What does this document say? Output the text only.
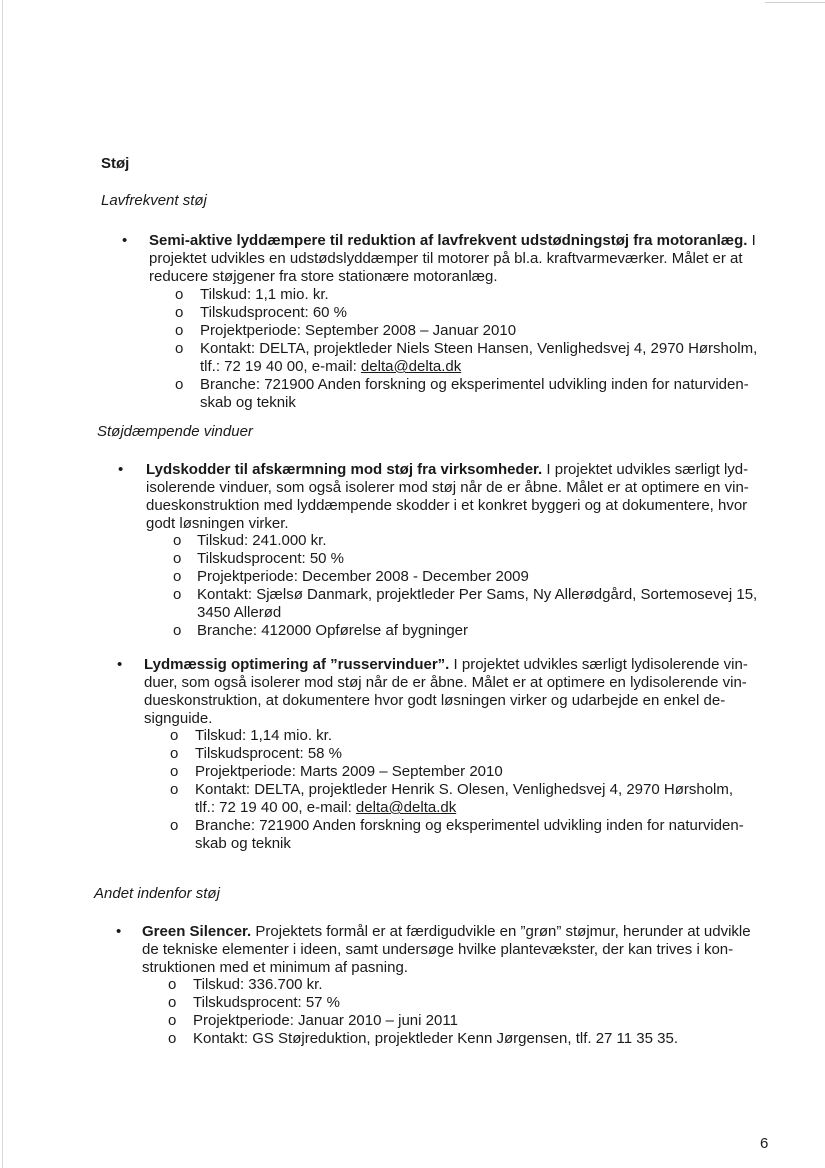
Støj
Lavfrekvent støj
• Semi-aktive lyddæmpere til reduktion af lavfrekvent udstødningstøj fra motoranlæg. I
projektet udvikles en udstødslyddæmper til motorer på bl.a. kraftvarmeværker. Målet er at
reducere støjgener fra store stationære motoranlæg.
o Tilskud: 1,1 mio. kr.
o Tilskudsprocent: 60 %
o Projektperiode: September 2008 – Januar 2010
o Kontakt: DELTA, projektleder Niels Steen Hansen, Venlighedsvej 4, 2970 Hørsholm,
tlf.: 72 19 40 00, e-mail: delta@delta.dk
o Branche: 721900 Anden forskning og eksperimentel udvikling inden for naturviden-
skab og teknik
Støjdæmpende vinduer
• Lydskodder til afskærmning mod støj fra virksomheder. I projektet udvikles særligt lyd-
isolerende vinduer, som også isolerer mod støj når de er åbne. Målet er at optimere en vin-
dueskonstruktion med lyddæmpende skodder i et konkret byggeri og at dokumentere, hvor
godt løsningen virker.
o Tilskud: 241.000 kr.
o Tilskudsprocent: 50 %
o Projektperiode: December 2008 - December 2009
o Kontakt: Sjælsø Danmark, projektleder Per Sams, Ny Allerødgård, Sortemosevej 15,
3450 Allerød
o Branche: 412000 Opførelse af bygninger
• Lydmæssig optimering af ”russervinduer”. I projektet udvikles særligt lydisolerende vin-
duer, som også isolerer mod støj når de er åbne. Målet er at optimere en lydisolerende vin-
dueskonstruktion, at dokumentere hvor godt løsningen virker og udarbejde en enkel de-
signguide.
o Tilskud: 1,14 mio. kr.
o Tilskudsprocent: 58 %
o Projektperiode: Marts 2009 – September 2010
o Kontakt: DELTA, projektleder Henrik S. Olesen, Venlighedsvej 4, 2970 Hørsholm,
tlf.: 72 19 40 00, e-mail: delta@delta.dk
o Branche: 721900 Anden forskning og eksperimentel udvikling inden for naturviden-
skab og teknik
Andet indenfor støj
• Green Silencer. Projektets formål er at færdigudvikle en ”grøn” støjmur, herunder at udvikle
de tekniske elementer i ideen, samt undersøge hvilke plantevækster, der kan trives i kon-
struktionen med et minimum af pasning.
o Tilskud: 336.700 kr.
o Tilskudsprocent: 57 %
o Projektperiode: Januar 2010 – juni 2011
o Kontakt: GS Støjreduktion, projektleder Kenn Jørgensen, tlf. 27 11 35 35.
6
